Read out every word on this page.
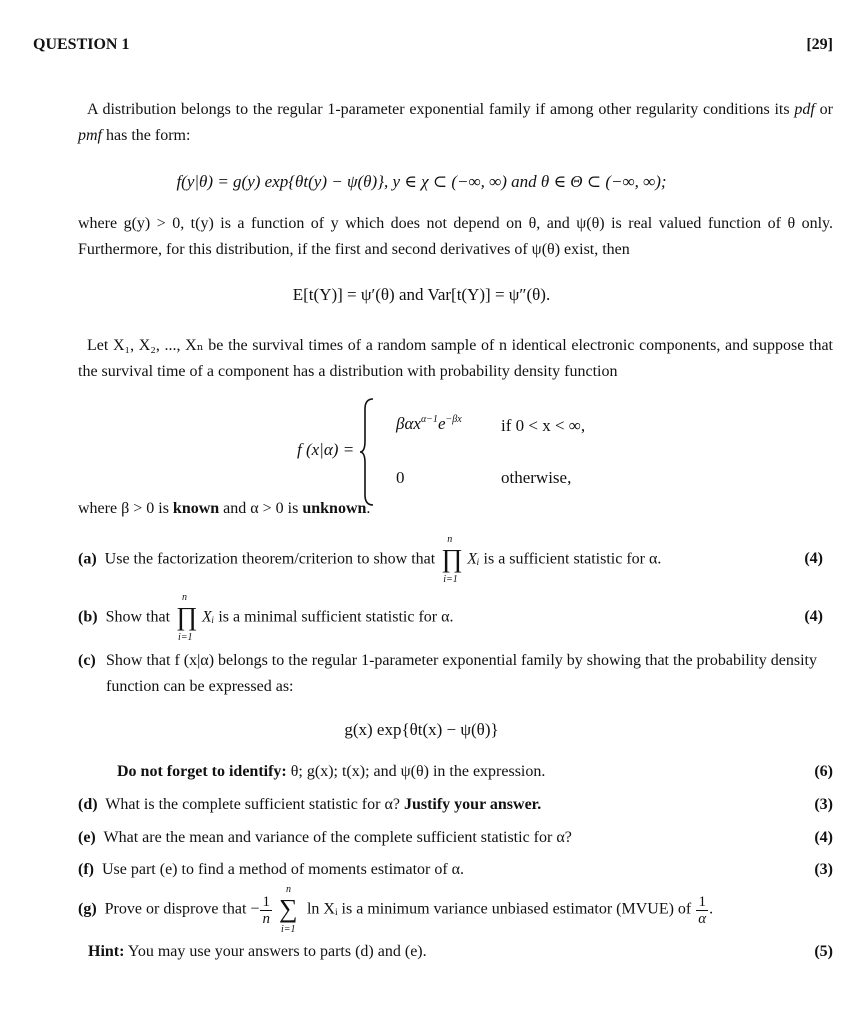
QUESTION 1	[29]
A distribution belongs to the regular 1-parameter exponential family if among other regularity conditions its pdf or pmf has the form:
f(y|θ) = g(y) exp{θt(y) − ψ(θ)}, y ∈ χ ⊂ (−∞, ∞) and θ ∈ Θ ⊂ (−∞, ∞);
where g(y) > 0, t(y) is a function of y which does not depend on θ, and ψ(θ) is real valued function of θ only. Furthermore, for this distribution, if the first and second derivatives of ψ(θ) exist, then
E[t(Y)] = ψ′(θ) and Var[t(Y)] = ψ″(θ).
Let X₁, X₂, ..., Xₙ be the survival times of a random sample of n identical electronic components, and suppose that the survival time of a component has a distribution with probability density function
f (x|α) =
$\beta\alpha x^{\alpha-1}e^{-\beta x}$ if 0 < x < ∞,
0	otherwise,
where β > 0 is known and α > 0 is unknown.
(a) Use the factorization theorem/criterion to show that
n
∏
i=1
Xᵢ is a sufficient statistic for α.	(4)
(b) Show that
n
∏
i=1
Xᵢ is a minimal sufficient statistic for α.	(4)
(c) Show that f (x|α) belongs to the regular 1-parameter exponential family by showing that the probability density function can be expressed as:
g(x) exp{θt(x) − ψ(θ)}
Do not forget to identify: θ; g(x); t(x); and ψ(θ) in the expression.	(6)
(d) What is the complete sufficient statistic for α? Justify your answer.	(3)
(e) What are the mean and variance of the complete sufficient statistic for α?	(4)
(f) Use part (e) to find a method of moments estimator of α.	(3)
(g) Prove or disprove that − $\frac{1}{n}$

n
∑
i=1
ln Xᵢ is a minimum variance unbiased estimator (MVUE) of $\frac{1}{\alpha}$ .
Hint: You may use your answers to parts (d) and (e).	(5)
